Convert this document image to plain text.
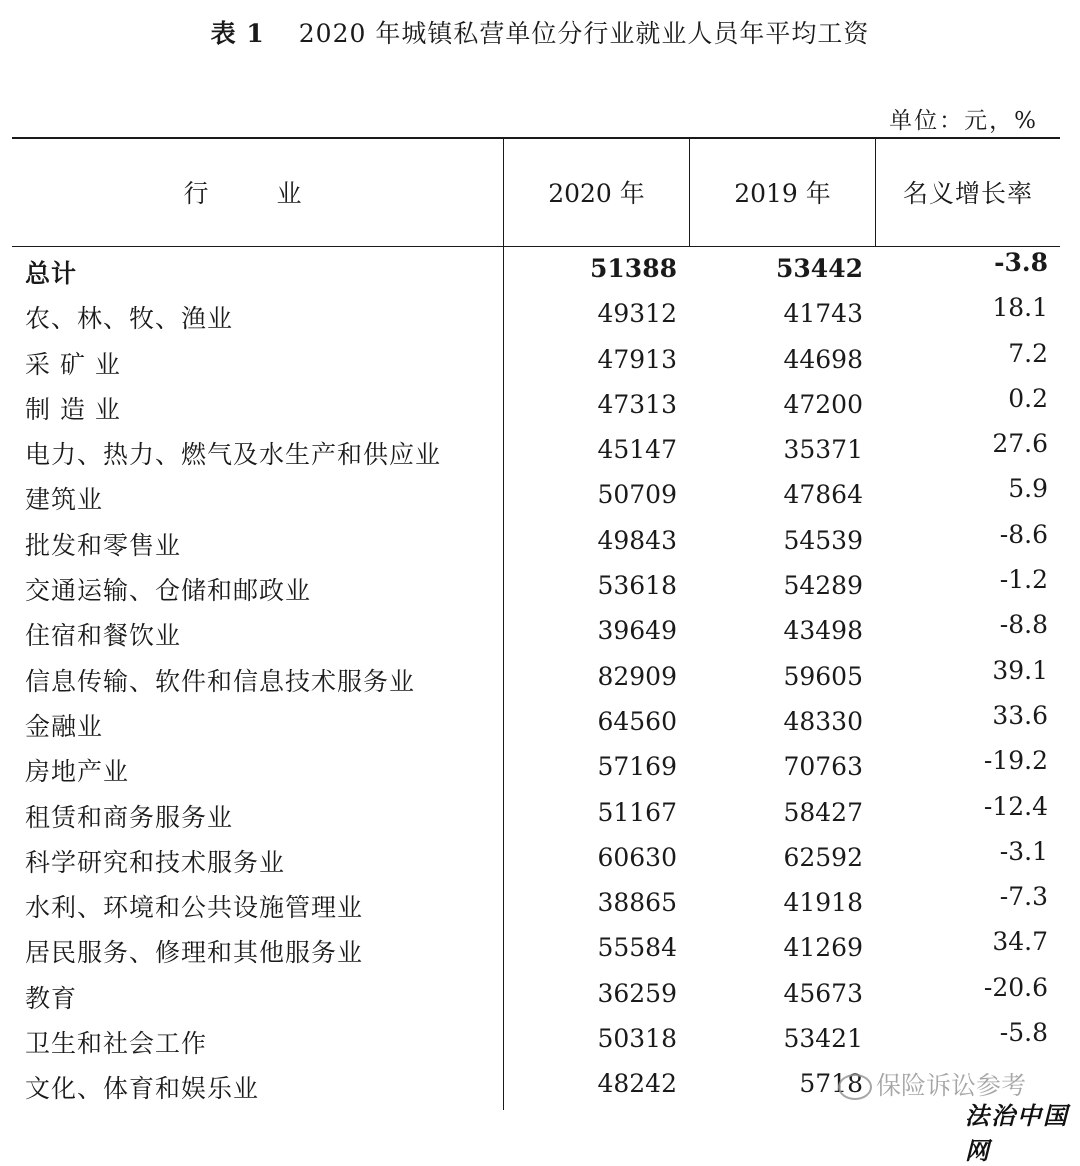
表 1 2020 年城镇私营单位分行业就业人员年平均工资
单位：元，%
行 业	2020 年	2019 年	名义增长率
总计	51388	53442	-3.8
农、林、牧、渔业	49312	41743	18.1
采 矿 业	47913	44698	7.2
制 造 业	47313	47200	0.2
电力、热力、燃气及水生产和供应业	45147	35371	27.6
建筑业	50709	47864	5.9
批发和零售业	49843	54539	-8.6
交通运输、仓储和邮政业	53618	54289	-1.2
住宿和餐饮业	39649	43498	-8.8
信息传输、软件和信息技术服务业	82909	59605	39.1
金融业	64560	48330	33.6
房地产业	57169	70763	-19.2
租赁和商务服务业	51167	58427	-12.4
科学研究和技术服务业	60630	62592	-3.1
水利、环境和公共设施管理业	38865	41918	-7.3
居民服务、修理和其他服务业	55584	41269	34.7
教育	36259	45673	-20.6
卫生和社会工作	50318	53421	-5.8
文化、体育和娱乐业	48242	5718 保险诉讼参考
法治中国网
